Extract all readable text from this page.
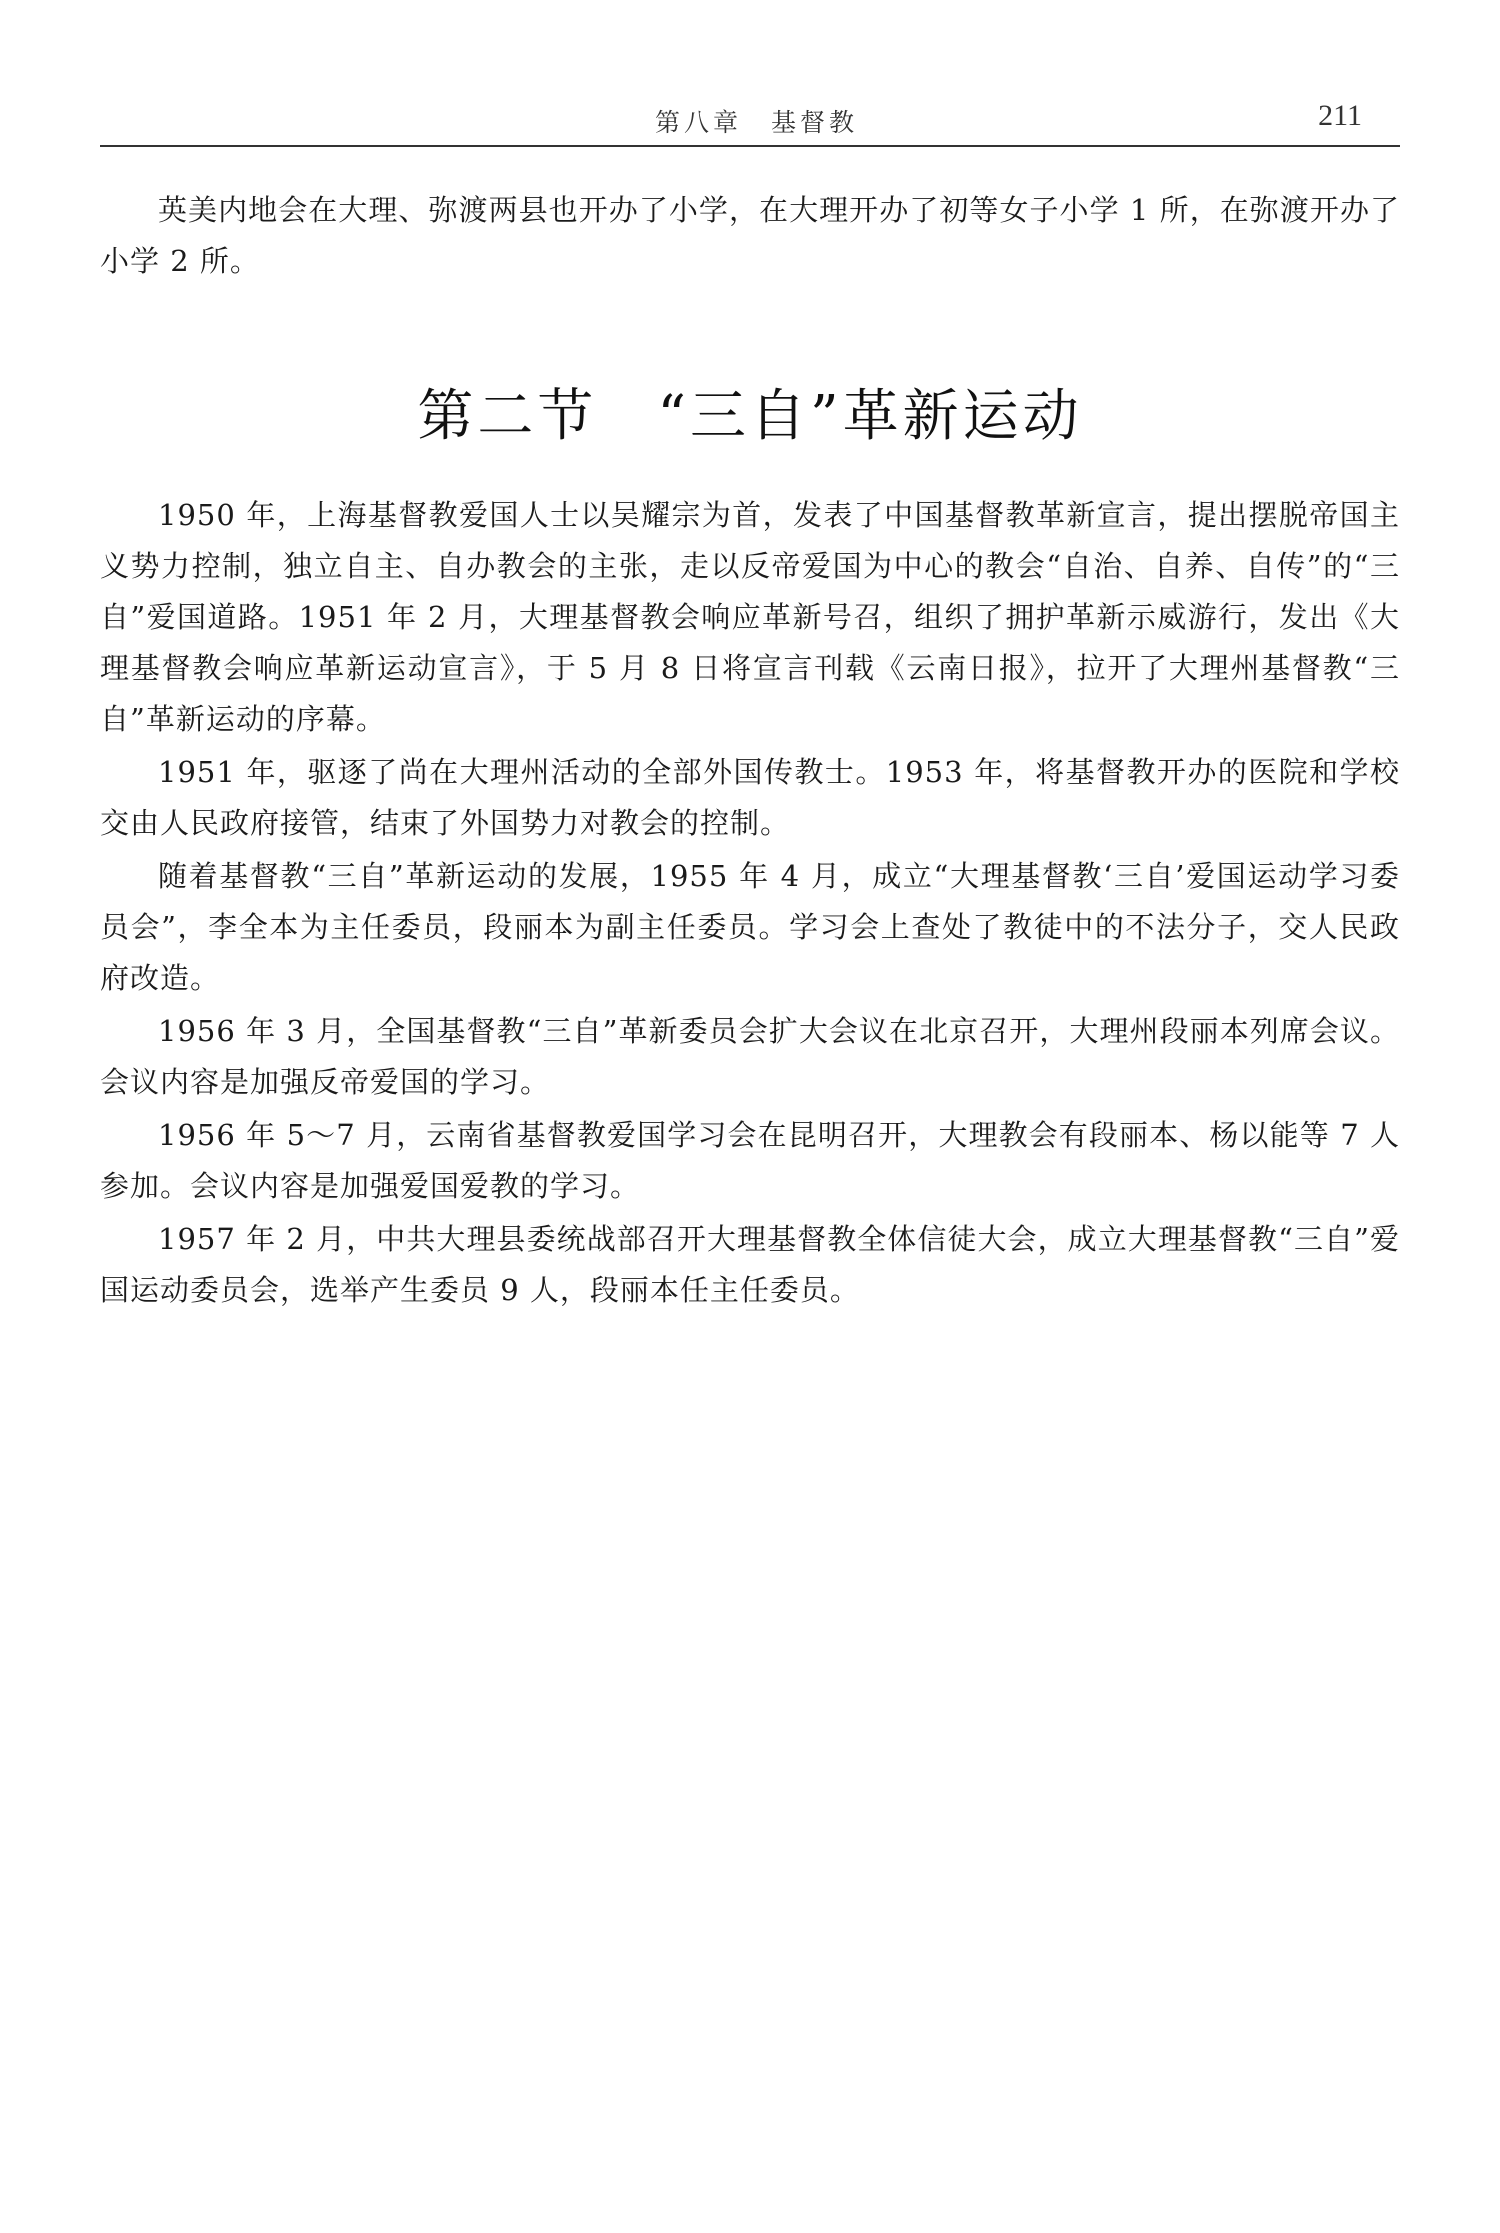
第八章　基督教	211

英美内地会在大理、弥渡两县也开办了小学，在大理开办了初等女子小学 1 所，在弥渡开办了小学 2 所。

第二节　“三自”革新运动

1950 年，上海基督教爱国人士以吴耀宗为首，发表了中国基督教革新宣言，提出摆脱帝国主义势力控制，独立自主、自办教会的主张，走以反帝爱国为中心的教会“自治、自养、自传”的“三自”爱国道路。1951 年 2 月，大理基督教会响应革新号召，组织了拥护革新示威游行，发出《大理基督教会响应革新运动宣言》，于 5 月 8 日将宣言刊载《云南日报》，拉开了大理州基督教“三自”革新运动的序幕。

1951 年，驱逐了尚在大理州活动的全部外国传教士。1953 年，将基督教开办的医院和学校交由人民政府接管，结束了外国势力对教会的控制。

随着基督教“三自”革新运动的发展，1955 年 4 月，成立“大理基督教‘三自’爱国运动学习委员会”，李全本为主任委员，段丽本为副主任委员。学习会上查处了教徒中的不法分子，交人民政府改造。

1956 年 3 月，全国基督教“三自”革新委员会扩大会议在北京召开，大理州段丽本列席会议。会议内容是加强反帝爱国的学习。

1956 年 5～7 月，云南省基督教爱国学习会在昆明召开，大理教会有段丽本、杨以能等 7 人参加。会议内容是加强爱国爱教的学习。

1957 年 2 月，中共大理县委统战部召开大理基督教全体信徒大会，成立大理基督教“三自”爱国运动委员会，选举产生委员 9 人，段丽本任主任委员。
